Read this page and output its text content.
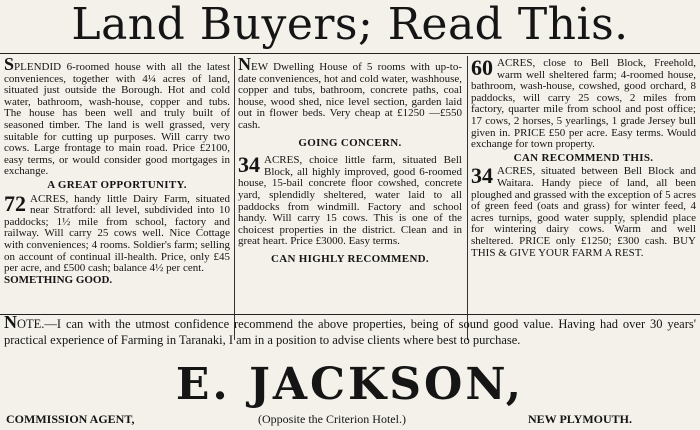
Land Buyers; Read This.

SPLENDID 6-roomed house with all the latest conveniences, together with 4¼ acres of land, situated just outside the Borough. Hot and cold water, bathroom, wash-house, copper and tubs. The house has been well and truly built of seasoned timber. The land is well grassed, very suitable for cutting up purposes. Will carry two cows. Large frontage to main road. Price £2100, easy terms, or would consider good mortgages in exchange.

A GREAT OPPORTUNITY.

72 ACRES, handy little Dairy Farm, situated near Stratford: all level, subdivided into 10 paddocks; 1½ mile from school, factory and railway. Will carry 25 cows well. Nice Cottage with conveniences; 4 rooms. Soldier's farm; selling on account of continual ill-health. Price, only £45 per acre, and £500 cash; balance 4½ per cent.

SOMETHING GOOD.

NEW Dwelling House of 5 rooms with up-to-date conveniences, hot and cold water, washhouse, copper and tubs, bathroom, concrete paths, coal house, wood shed, nice level section, garden laid out in flower beds. Very cheap at £1250 —£550 cash.

GOING CONCERN.

34 ACRES, choice little farm, situated Bell Block, all highly improved, good 6-roomed house, 15-bail concrete floor cowshed, concrete yard, splendidly sheltered, water laid to all paddocks from windmill. Factory and school handy. Will carry 15 cows. This is one of the choicest properties in the district. Clean and in great heart. Price £3000. Easy terms.

CAN HIGHLY RECOMMEND.

60 ACRES, close to Bell Block, Freehold, warm well sheltered farm; 4-roomed house, bathroom, wash-house, cowshed, good orchard, 8 paddocks, will carry 25 cows, 2 miles from factory, quarter mile from school and post office; 17 cows, 2 horses, 5 yearlings, 1 grade Jersey bull given in. PRICE £50 per acre. Easy terms. Would exchange for town property.

CAN RECOMMEND THIS.

34 ACRES, situated between Bell Block and Waitara. Handy piece of land, all been ploughed and grassed with the exception of 5 acres of green feed (oats and grass) for winter feed, 4 acres turnips, good water supply, splendid place for wintering dairy cows. Warm and well sheltered. PRICE only £1250; £300 cash. BUY THIS & GIVE YOUR FARM A REST.

NOTE.—I can with the utmost confidence recommend the above properties, being of sound good value. Having had over 30 years' practical experience of Farming in Taranaki, I am in a position to advise clients where best to purchase.
E. JACKSON,
COMMISSION AGENT,	(Opposite the Criterion Hotel.)	NEW PLYMOUTH.
